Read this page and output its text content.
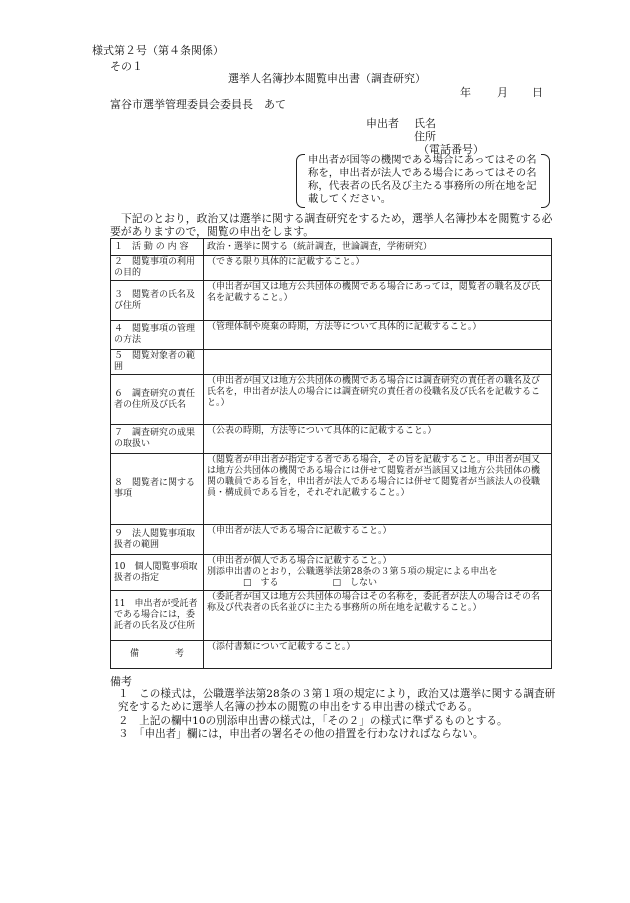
様式第２号（第４条関係）
その１
選挙人名簿抄本閲覧申出書（調査研究）
年 月 日
富谷市選挙管理委員会委員長　あて
申出者 氏名
住所
（電話番号）
申出者が国等の機関である場合にあってはその名称を，申出者が法人である場合にあってはその名称，代表者の氏名及び主たる事務所の所在地を記載してください。
下記のとおり，政治又は選挙に関する調査研究をするため，選挙人名簿抄本を閲覧する必要がありますので，閲覧の申出をします。
１　活 動 の 内 容	政治・選挙に関する（統計調査，世論調査，学術研究）
２　閲覧事項の利用の目的	（できる限り具体的に記載すること。）
３　閲覧者の氏名及び住所	（申出者が国又は地方公共団体の機関である場合にあっては，閲覧者の職名及び氏名を記載すること。）
４　閲覧事項の管理の方法	（管理体制や廃棄の時期，方法等について具体的に記載すること。）
５　閲覧対象者の範囲	
６　調査研究の責任者の住所及び氏名	（申出者が国又は地方公共団体の機関である場合には調査研究の責任者の職名及び氏名を，申出者が法人の場合には調査研究の責任者の役職名及び氏名を記載すること。）
７　調査研究の成果の取扱い	（公表の時期，方法等について具体的に記載すること。）
８　閲覧者に関する事項	（閲覧者が申出者が指定する者である場合，その旨を記載すること。申出者が国又は地方公共団体の機関である場合には併せて閲覧者が当該国又は地方公共団体の機関の職員である旨を，申出者が法人である場合には併せて閲覧者が当該法人の役職員・構成員である旨を，それぞれ記載すること。）
９　法人閲覧事項取扱者の範囲	（申出者が法人である場合に記載すること。）
10　個人閲覧事項取扱者の指定	（申出者が個人である場合に記載すること。）
別添申出書のとおり，公職選挙法第28条の３第５項の規定による申出を
　　　　□　する　　　　　　□　しない
11　申出者が受託者である場合には，委託者の氏名及び住所	（委託者が国又は地方公共団体の場合はその名称を，委託者が法人の場合はその名称及び代表者の氏名並びに主たる事務所の所在地を記載すること。）
備　　　　考	（添付書類について記載すること。）
備考
１　この様式は，公職選挙法第28条の３第１項の規定により，政治又は選挙に関する調査研究をするために選挙人名簿の抄本の閲覧の申出をする申出書の様式である。
２　上記の欄中10の別添申出書の様式は，「その２」の様式に準ずるものとする。
３　「申出者」欄には，申出者の署名その他の措置を行わなければならない。
